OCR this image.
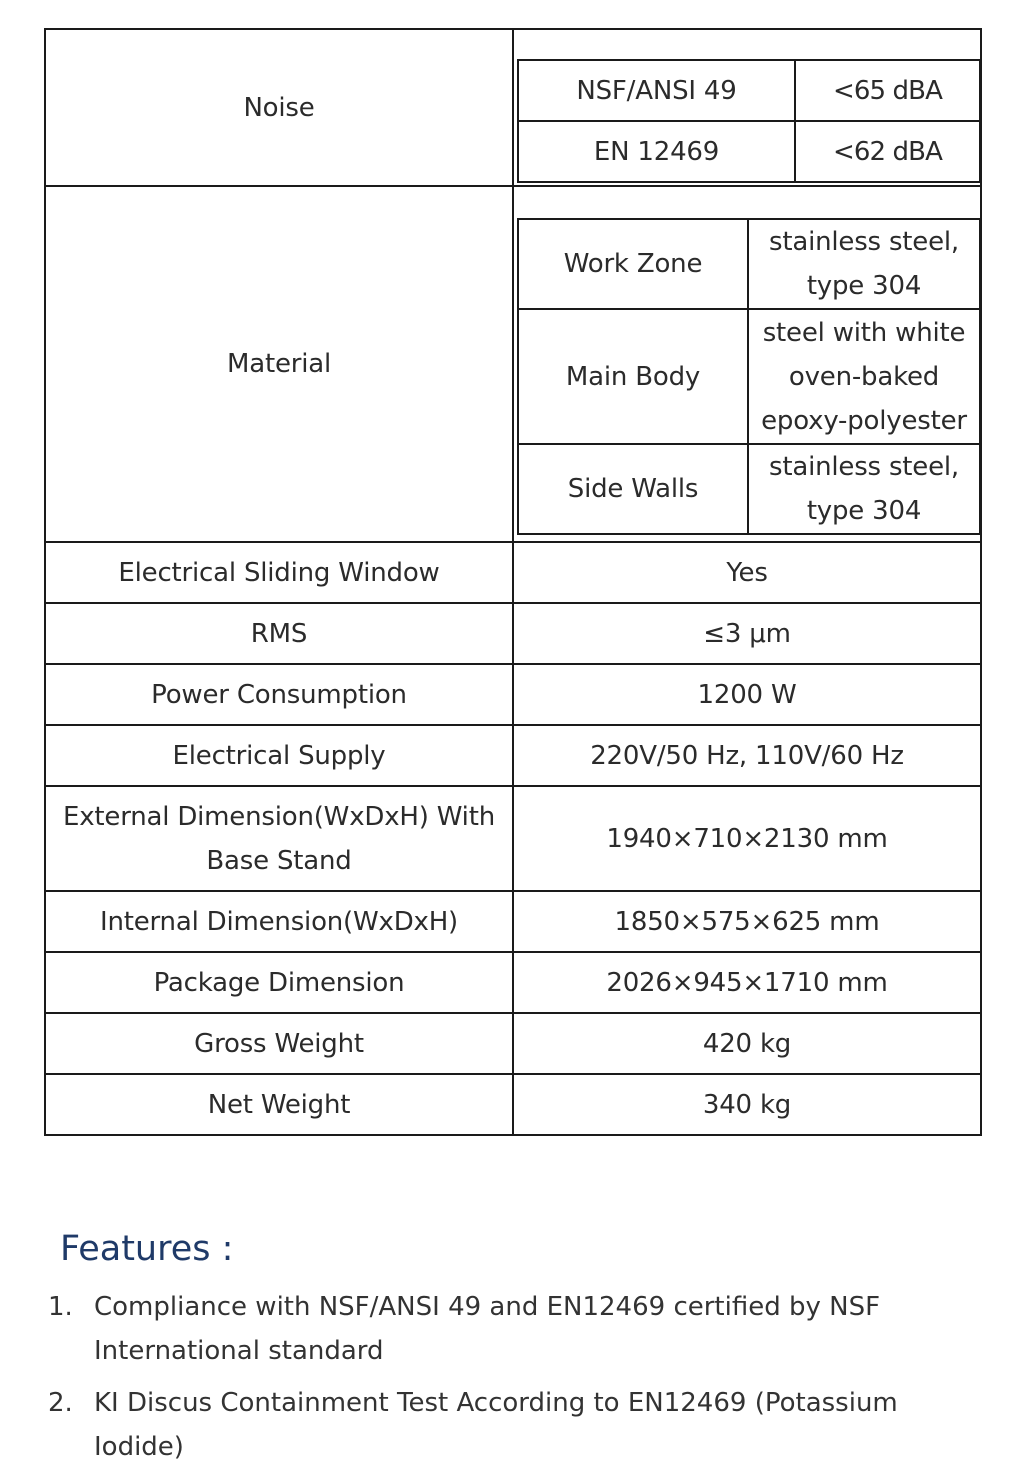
Noise	
NSF/ANSI 49	<65 dBA
EN 12469	<62 dBA

Material	
Work Zone	stainless steel, type 304
Main Body	steel with white oven-baked epoxy-polyester
Side Walls	stainless steel, type 304

Electrical Sliding Window	Yes
RMS	≤3 μm
Power Consumption	1200 W
Electrical Supply	220V/50 Hz, 110V/60 Hz
External Dimension(WxDxH) With Base Stand	1940×710×2130 mm
Internal Dimension(WxDxH)	1850×575×625 mm
Package Dimension	2026×945×1710 mm
Gross Weight	420 kg
Net Weight	340 kg
Features :
1. Compliance with NSF/ANSI 49 and EN12469 certified by NSF International standard
2. KI Discus Containment Test According to EN12469 (Potassium Iodide)
